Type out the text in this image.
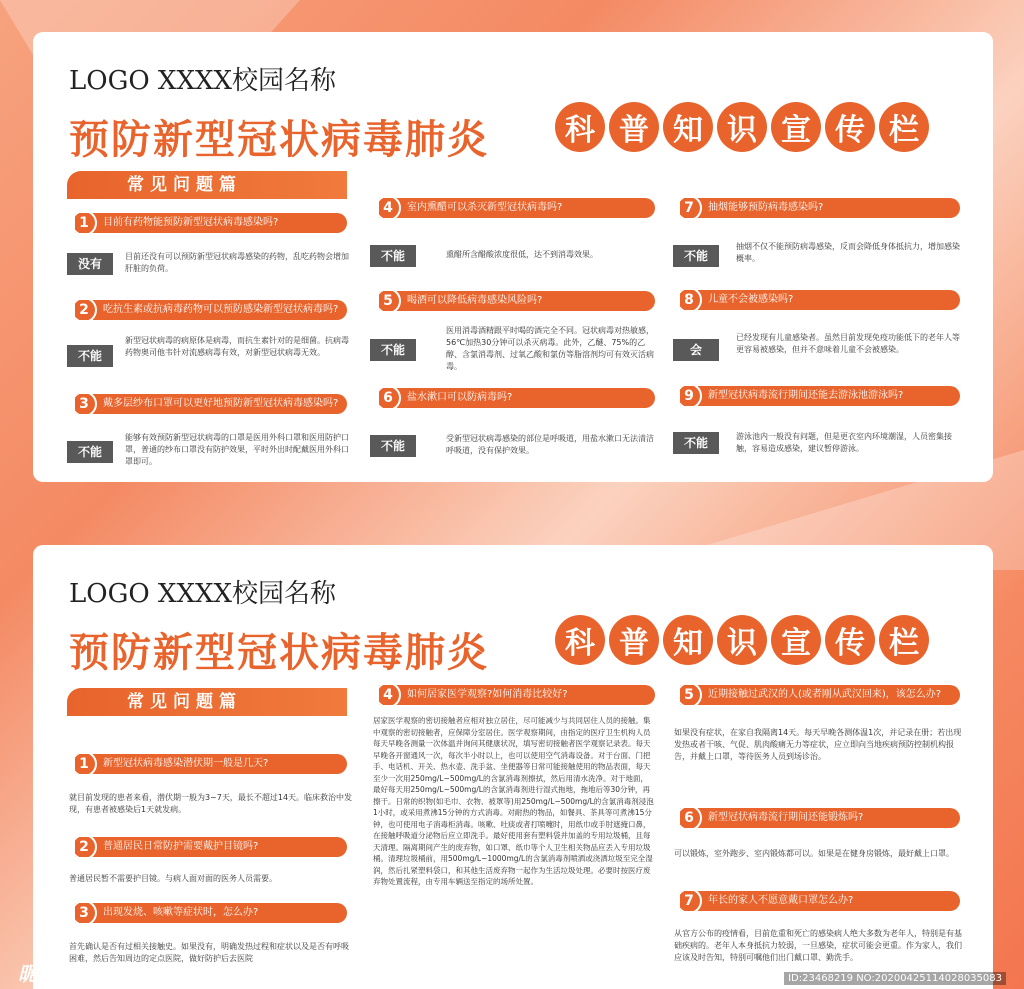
LOGO XXXX校园名称
预防新型冠状病毒肺炎	科 普 知 识 宣 传 栏
常见问题篇
1	目前有药物能预防新型冠状病毒感染吗?
没有
目前还没有可以预防新型冠状病毒感染的药物，乱吃药物会增加肝脏的负荷。
2	吃抗生素或抗病毒药物可以预防感染新型冠状病毒吗?
不能
新型冠状病毒的病原体是病毒，而抗生素针对的是细菌。抗病毒药物奥司他韦针对流感病毒有效，对新型冠状病毒无效。
3	戴多层纱布口罩可以更好地预防新型冠状病毒感染吗?
不能
能够有效预防新型冠状病毒的口罩是医用外科口罩和医用防护口罩，普通的纱布口罩没有防护效果，平时外出时配戴医用外科口罩即可。
4	室内熏醋可以杀灭新型冠状病毒吗?
不能	熏醋所含醋酸浓度很低，达不到消毒效果。
5	喝酒可以降低病毒感染风险吗?
不能
医用消毒酒精跟平时喝的酒完全不同。冠状病毒对热敏感，56℃加热30分钟可以杀灭病毒。此外，乙醚、75%的乙醇、含氯消毒剂、过氧乙酸和氯仿等脂溶剂均可有效灭活病毒。
6	盐水漱口可以防病毒吗?
不能
受新型冠状病毒感染的部位是呼吸道，用盐水漱口无法清洁呼吸道，没有保护效果。
7	抽烟能够预防病毒感染吗?
不能
抽烟不仅不能预防病毒感染，反而会降低身体抵抗力，增加感染概率。
8	儿童不会被感染吗?
会
已经发现有儿童感染者。虽然目前发现免疫功能低下的老年人等更容易被感染，但并不意味着儿童不会被感染。
9	新型冠状病毒流行期间还能去游泳池游泳吗?
不能	游泳池内一般没有问题，但是更衣室内环境潮湿，人员密集接触，容易造成感染，建议暂停游泳。
LOGO XXXX校园名称
预防新型冠状病毒肺炎	科 普 知 识 宣 传 栏
常见问题篇
1	新型冠状病毒感染潜伏期一般是几天?
就目前发现的患者来看，潜伏期一般为3~7天，最长不超过14天。临床救治中发现，有患者被感染后1天就发病。
2	普通居民日常防护需要戴护目镜吗?
普通居民暂不需要护目镜。与病人面对面的医务人员需要。
3	出现发烧、咳嗽等症状时，怎么办?
首先确认是否有过相关接触史。如果没有，明确发热过程和症状以及是否有呼吸困难，然后告知周边的定点医院，做好防护后去医院
4	如何居家医学观察?如何消毒比较好?
居家医学观察的密切接触者应相对独立居住，尽可能减少与共同居住人员的接触。集中观察的密切接触者，应保障分室居住。医学观察期间，由指定的医疗卫生机构人员每天早晚各测量一次体温并询问其健康状况，填写密切接触者医学观察记录表。每天早晚各开窗通风一次，每次半小时以上，也可以使用空气消毒设备。对于台面、门把手、电话机、开关、热水壶、洗手盆、坐便器等日常可能接触使用的物品表面，每天至少一次用250mg/L~500mg/L的含氯消毒剂擦拭，然后用清水洗净。对于地面，最好每天用250mg/L~500mg/L的含氯消毒剂进行湿式拖地，拖地后等30分钟，再擦干。日常的织物(如毛巾、衣物、被罩等)用250mg/L~500mg/L的含氯消毒剂浸泡1小时，或采用煮沸15分钟的方式消毒。对耐热的物品，如餐具、茶具等可煮沸15分钟，也可使用电子消毒柜消毒。咳嗽、吐痰或者打喷嚏时，用纸巾或手肘遮掩口鼻，在接触呼吸道分泌物后应立即洗手。最好使用套有塑料袋并加盖的专用垃圾桶，且每天清理。隔离期间产生的废弃物，如口罩、纸巾等个人卫生相关物品应丢入专用垃圾桶。清理垃圾桶前，用500mg/L~1000mg/L的含氯消毒剂喷洒或浇洒垃圾至完全湿润，然后扎紧塑料袋口，和其他生活废弃物一起作为生活垃圾处理。必要时按医疗废弃物处置流程，由专用车辆送至指定的场所处置。
5	近期接触过武汉的人(或者刚从武汉回来)，该怎么办?
如果没有症状，在家自我隔离14天。每天早晚各测体温1次，并记录在册；若出现发热或者干咳、气促、肌肉酸痛无力等症状，应立即向当地疾病预防控制机构报告，并戴上口罩，等待医务人员到场诊治。
6	新型冠状病毒流行期间还能锻炼吗?
可以锻炼，室外跑步、室内锻炼都可以。如果是在健身房锻炼，最好戴上口罩。
7	年长的家人不愿意戴口罩怎么办?
从官方公布的疫情看，目前危重和死亡的感染病人绝大多数为老年人，特别是有基础疾病的。老年人本身抵抗力较弱，一旦感染，症状可能会更重。作为家人，我们应该及时告知，特别可嘱他们出门戴口罩、勤洗手。
昵享网	www.nipic.com	ID:23468219 NO:20200425114028035083
